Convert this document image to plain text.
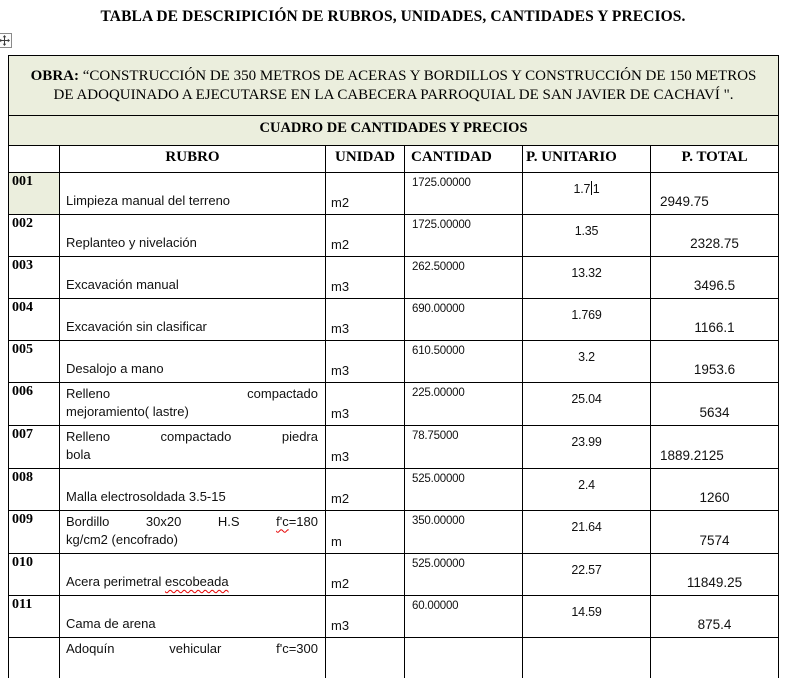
TABLA DE DESCRIPICIÓN DE RUBROS, UNIDADES, CANTIDADES Y PRECIOS.
OBRA: “CONSTRUCCIÓN DE 350 METROS DE ACERAS Y BORDILLOS Y CONSTRUCCIÓN DE 150 METROS DE ADOQUINADO A EJECUTARSE EN LA CABECERA PARROQUIAL DE SAN JAVIER DE CACHAVÍ ".					
CUADRO DE CANTIDADES Y PRECIOS					
	RUBRO	UNIDAD	CANTIDAD	P. UNITARIO	P. TOTAL
001	Limpieza manual del terreno	m2	1725.00000	1.7 1	2949.75
002	Replanteo y nivelación	m2	1725.00000	1.35	2328.75
003	Excavación manual	m3	262.50000	13.32	3496.5
004	Excavación sin clasificar	m3	690.00000	1.769	1166.1
005	Desalojo a mano	m3	610.50000	3.2	1953.6
006	Relleno compactado
mejoramiento( lastre)	m3	225.00000	25.04	5634
007	Relleno compactado piedra
bola	m3	78.75000	23.99	1889.2125
008	Malla electrosoldada 3.5-15	m2	525.00000	2.4	1260
009	Bordillo 30x20 H.S f'c=180
kg/cm2 (encofrado)	m	350.00000	21.64	7574
010	Acera perimetral escobeada	m2	525.00000	22.57	11849.25
011	Cama de arena	m3	60.00000	14.59	875.4

	Adoquín vehicular f'c=300				
